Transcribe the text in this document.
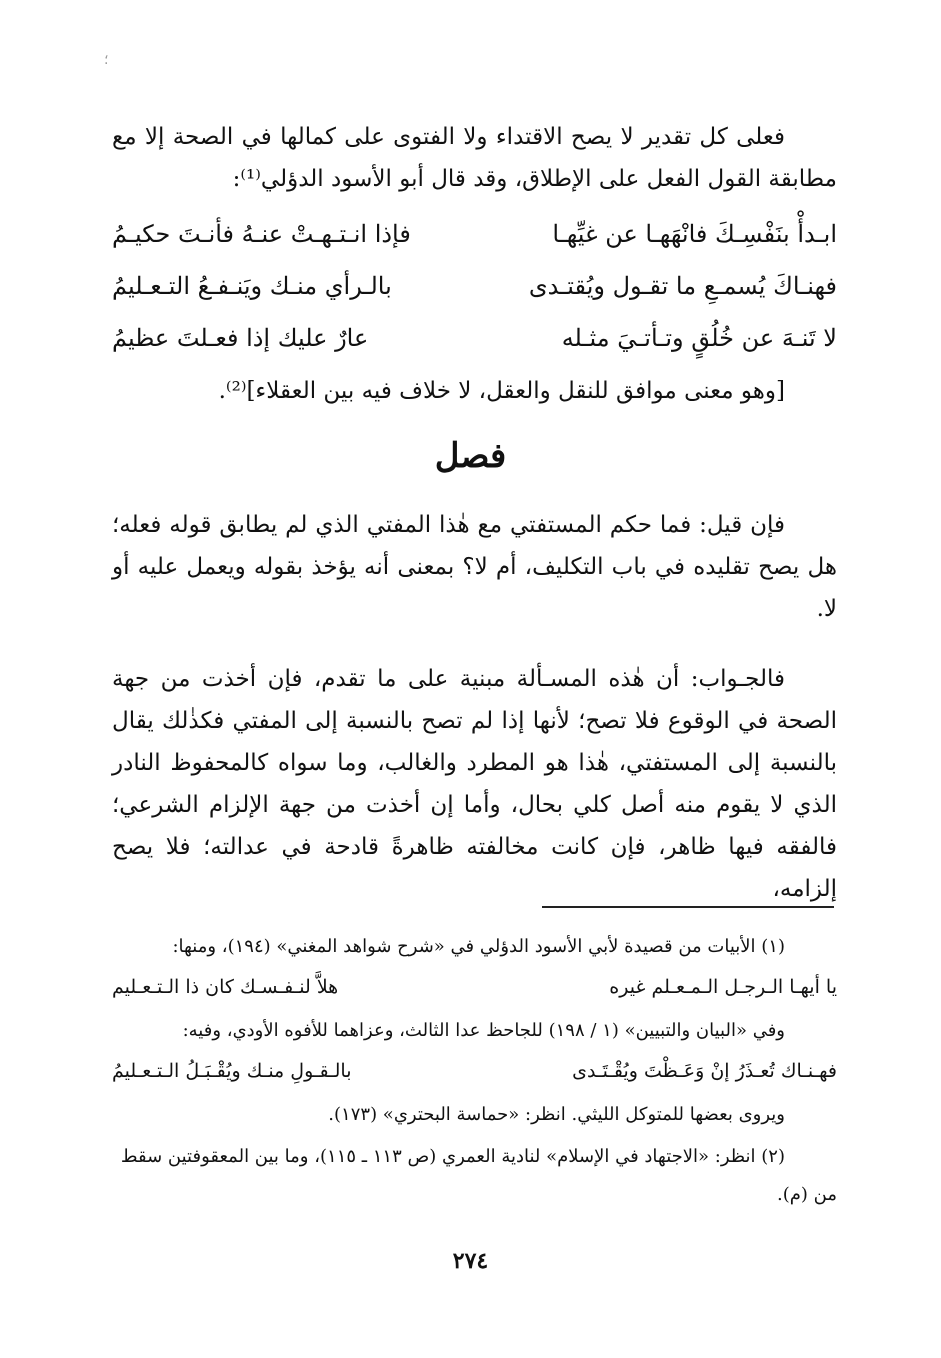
؛

فعلى كل تقدير لا يصح الاقتداء ولا الفتوى على كمالها في الصحة إلا مع مطابقة القول الفعل على الإطلاق، وقد قال أبو الأسود الدؤلي⁽¹⁾:

ابـدأْ بنَفْسِـكَ فانْهَهـا عن غيِّهـا
فإذا انـتـهـتْ عنـهُ فأنـتَ حكيـمُ
فهنـاكَ يُسمـعِ ما تقـول ويُقتـدى
بالـرأي منـك ويَنـفـعُ التـعـليمُ
لا تَنـهَ عن خُلُقٍ وتـأتـيَ مثـله
عارٌ عليك إذا فعـلتَ عظيمُ

[وهو معنى موافق للنقل والعقل، لا خلاف فيه بين العقلاء]⁽²⁾.

فصل

فإن قيل: فما حكم المستفتي مع هٰذا المفتي الذي لم يطابق قوله فعله؛ هل يصح تقليده في باب التكليف، أم لا؟ بمعنى أنه يؤخذ بقوله ويعمل عليه أو لا.

فالجـواب: أن هٰذه المسـألة مبنية على ما تقدم، فإن أخذت من جهة الصحة في الوقوع فلا تصح؛ لأنها إذا لم تصح بالنسبة إلى المفتي فكذٰلك يقال بالنسبة إلى المستفتي، هٰذا هو المطرد والغالب، وما سواه كالمحفوظ النادر الذي لا يقوم منه أصل كلي بحال، وأما إن أخذت من جهة الإلزام الشرعي؛ فالفقه فيها ظاهر، فإن كانت مخالفته ظاهرةً قادحة في عدالته؛ فلا يصح إلزامه،

(١) الأبيات من قصيدة لأبي الأسود الدؤلي في «شرح شواهد المغني» (١٩٤)، ومنها:

يا أيهـا الـرجـل الـمـعـلم غيره
هلاَّ لنـفـسـك كان ذا الـتـعـليم

وفي «البيان والتبيين» (١ / ١٩٨) للجاحظ عدا الثالث، وعزاهما للأفوه الأودي، وفيه:

فهـنـاك تُعـذَرُ إنْ وَعَـظْتَ ويُقْـتَـدى
بالـقـولِ منـك ويُقْـبَـلُ الـتـعـليمُ

ويروى بعضها للمتوكل الليثي. انظر: «حماسة البحتري» (١٧٣).

(٢) انظر: «الاجتهاد في الإسلام» لنادية العمري (ص ١١٣ ـ ١١٥)، وما بين المعقوفتين سقط من (م).

٢٧٤
